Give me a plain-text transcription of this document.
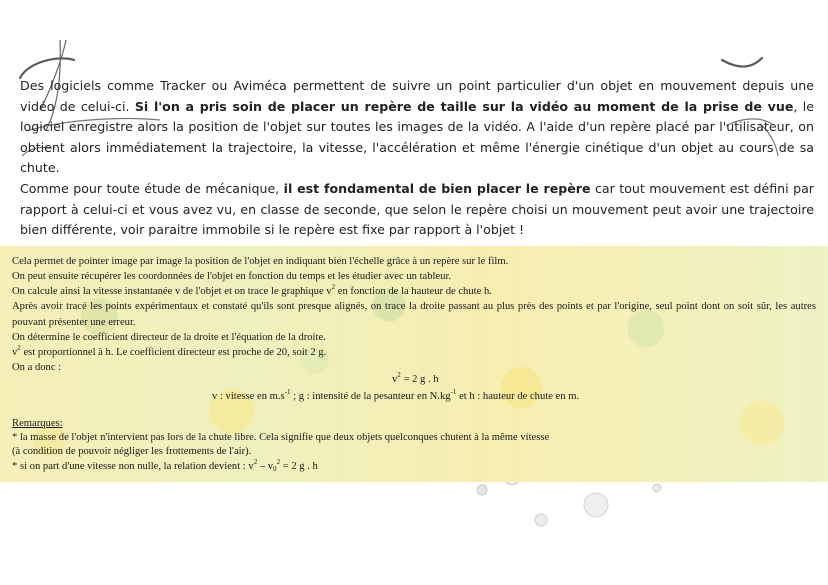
Des logiciels comme Tracker ou Aviméca permettent de suivre un point particulier d'un objet en mouvement depuis une vidéo de celui-ci. Si l'on a pris soin de placer un repère de taille sur la vidéo au moment de la prise de vue, le logiciel enregistre alors la position de l'objet sur toutes les images de la vidéo. A l'aide d'un repère placé par l'utilisateur, on obtient alors immédiatement la trajectoire, la vitesse, l'accélération et même l'énergie cinétique d'un objet au cours de sa chute.

Comme pour toute étude de mécanique, il est fondamental de bien placer le repère car tout mouvement est défini par rapport à celui-ci et vous avez vu, en classe de seconde, que selon le repère choisi un mouvement peut avoir une trajectoire bien différente, voir paraitre immobile si le repère est fixe par rapport à l'objet !

Cela permet de pointer image par image la position de l'objet en indiquant bien l'échelle grâce à un repère sur le film.
On peut ensuite récupérer les coordonnées de l'objet en fonction du temps et les étudier avec un tableur.
On calcule ainsi la vitesse instantanée v de l'objet et on trace le graphique $v^2$ en fonction de la hauteur de chute h.
Après avoir tracé les points expérimentaux et constaté qu'ils sont presque alignés, on trace la droite passant au plus près des points et par l'origine, seul point dont on soit sûr, les autres pouvant présenter une erreur.
On détermine le coefficient directeur de la droite et l'équation de la droite.
$v^2$ est proportionnel à h. Le coefficient directeur est proche de 20, soit 2 g.
On a donc :
$v^2 = 2$ g . h
v : vitesse en $m.s^{-1}$ ; g : intensité de la pesanteur en $N.kg^{-1}$ et h : hauteur de chute en m.
Remarques:
* la masse de l'objet n'intervient pas lors de la chute libre. Cela signifie que deux objets quelconques chutent à la même vitesse
(à condition de pouvoir négliger les frottements de l'air).
* si on part d'une vitesse non nulle, la relation devient : $v^2 - v_0^2 = 2$ g . h
